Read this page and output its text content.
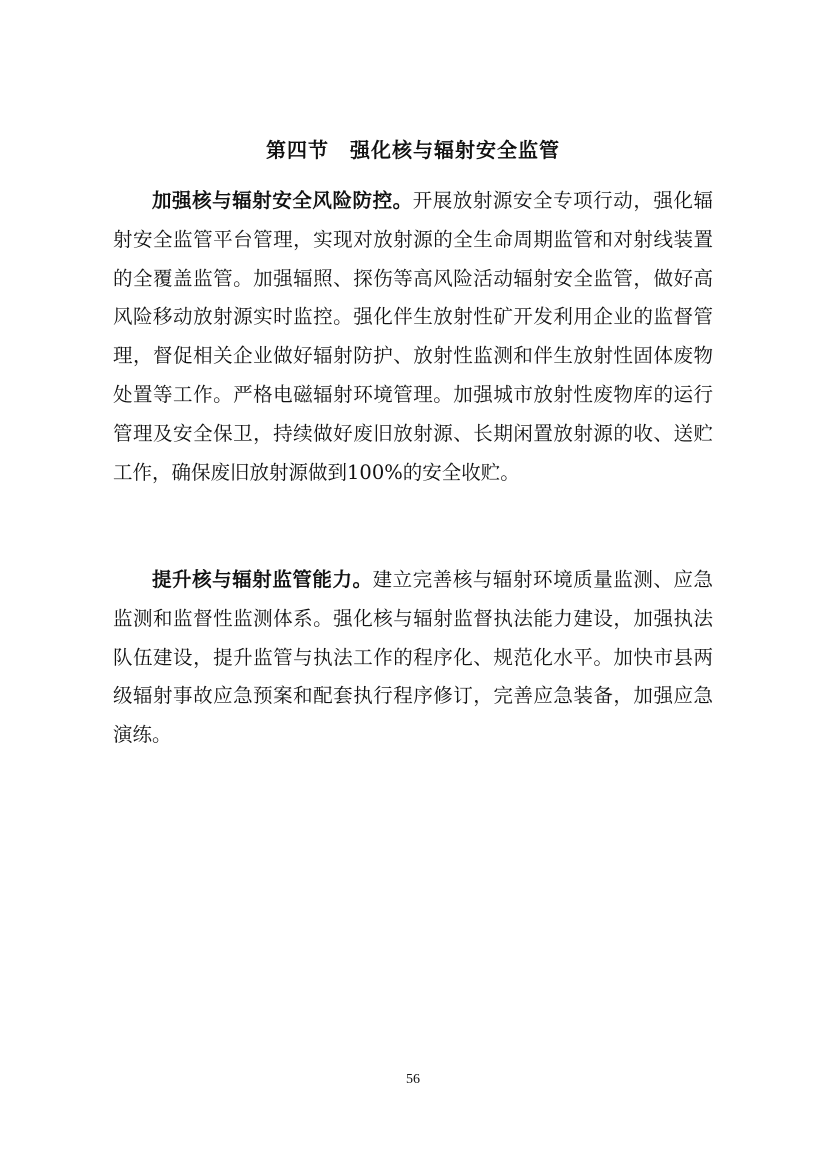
第四节　强化核与辐射安全监管

加强核与辐射安全风险防控。开展放射源安全专项行动，强化辐射安全监管平台管理，实现对放射源的全生命周期监管和对射线装置的全覆盖监管。加强辐照、探伤等高风险活动辐射安全监管，做好高风险移动放射源实时监控。强化伴生放射性矿开发利用企业的监督管理，督促相关企业做好辐射防护、放射性监测和伴生放射性固体废物处置等工作。严格电磁辐射环境管理。加强城市放射性废物库的运行管理及安全保卫，持续做好废旧放射源、长期闲置放射源的收、送贮工作，确保废旧放射源做到100%的安全收贮。

提升核与辐射监管能力。建立完善核与辐射环境质量监测、应急监测和监督性监测体系。强化核与辐射监督执法能力建设，加强执法队伍建设，提升监管与执法工作的程序化、规范化水平。加快市县两级辐射事故应急预案和配套执行程序修订，完善应急装备，加强应急演练。

56
